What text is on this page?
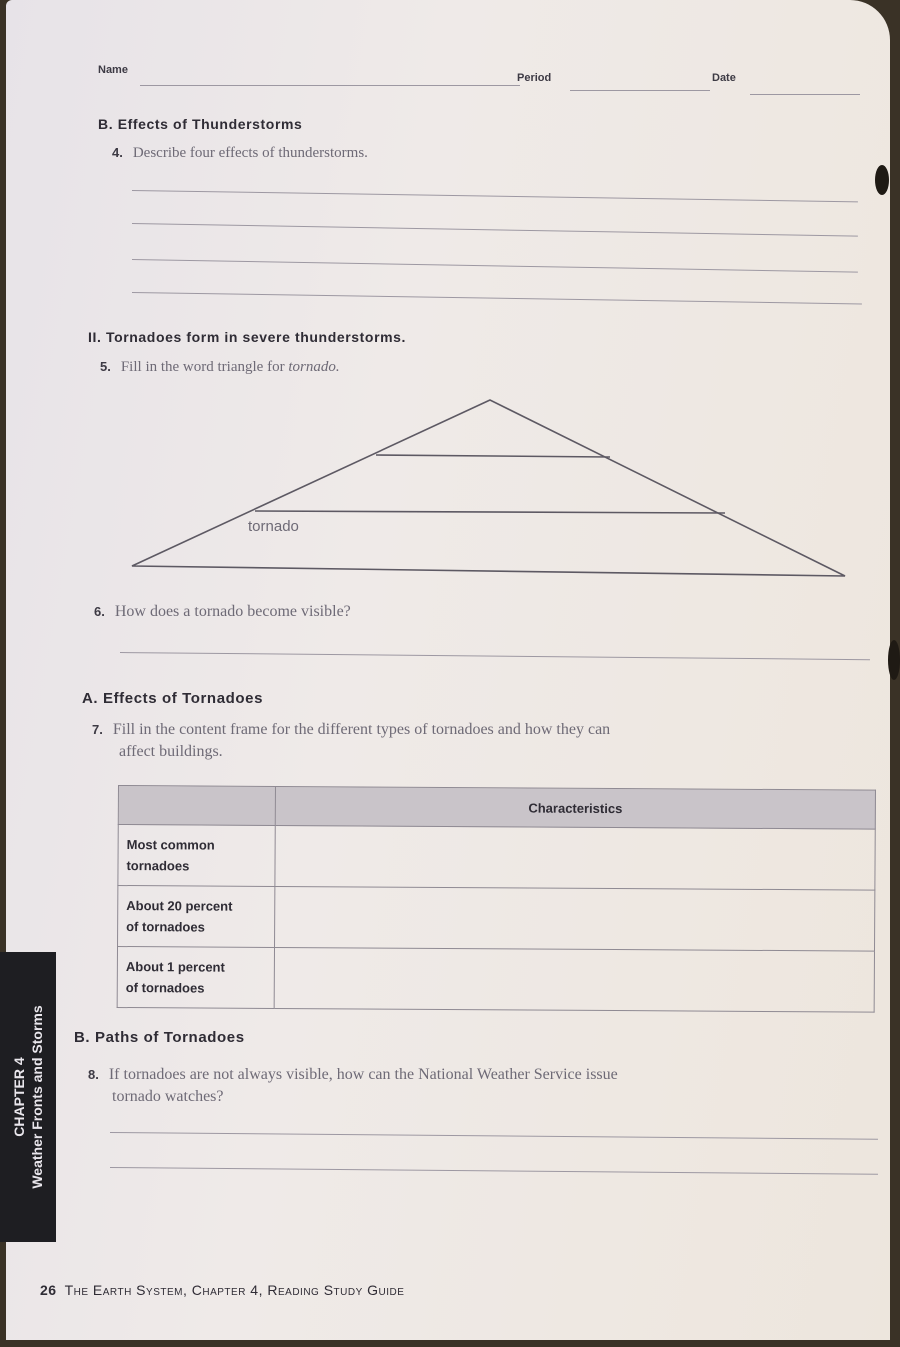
Name
Period	Date
B. Effects of Thunderstorms
4. Describe four effects of thunderstorms.
II. Tornadoes form in severe thunderstorms.
5. Fill in the word triangle for tornado.
tornado
6. How does a tornado become visible?
A. Effects of Tornadoes
7. Fill in the content frame for the different types of tornadoes and how they can
affect buildings.
	Characteristics
Most common
tornadoes	
About 20 percent
of tornadoes	
About 1 percent
of tornadoes	
B. Paths of Tornadoes
8. If tornadoes are not always visible, how can the National Weather Service issue
tornado watches?
CHAPTER 4 Weather Fronts and Storms
26 The Earth System, Chapter 4, Reading Study Guide
